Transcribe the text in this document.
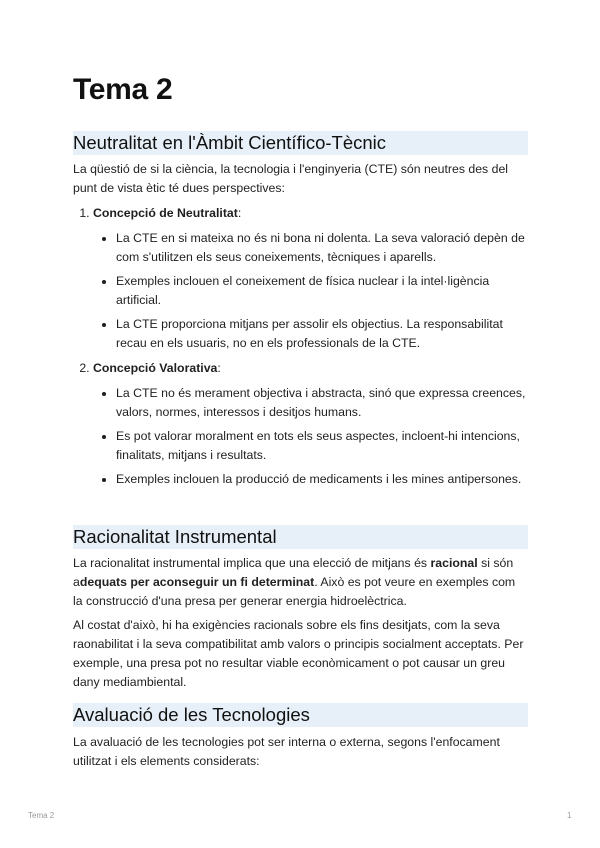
Tema 2
Neutralitat en l'Àmbit Científico-Tècnic

La qüestió de si la ciència, la tecnologia i l'enginyeria (CTE) són neutres des del punt de vista ètic té dues perspectives:

1. Concepció de Neutralitat:
• La CTE en si mateixa no és ni bona ni dolenta. La seva valoració depèn de com s'utilitzen els seus coneixements, tècniques i aparells.
• Exemples inclouen el coneixement de física nuclear i la intel·ligència artificial.
• La CTE proporciona mitjans per assolir els objectius. La responsabilitat recau en els usuaris, no en els professionals de la CTE.
2. Concepció Valorativa:
• La CTE no és merament objectiva i abstracta, sinó que expressa creences, valors, normes, interessos i desitjos humans.
• Es pot valorar moralment en tots els seus aspectes, incloent-hi intencions, finalitats, mitjans i resultats.
• Exemples inclouen la producció de medicaments i les mines antipersones.
Racionalitat Instrumental

La racionalitat instrumental implica que una elecció de mitjans és racional si són adequats per aconseguir un fi determinat. Això es pot veure en exemples com la construcció d'una presa per generar energia hidroelèctrica.

Al costat d'això, hi ha exigències racionals sobre els fins desitjats, com la seva raonabilitat i la seva compatibilitat amb valors o principis socialment acceptats. Per exemple, una presa pot no resultar viable econòmicament o pot causar un greu dany mediambiental.

Avaluació de les Tecnologies

La avaluació de les tecnologies pot ser interna o externa, segons l'enfocament utilitzat i els elements considerats:

Tema 2	1
